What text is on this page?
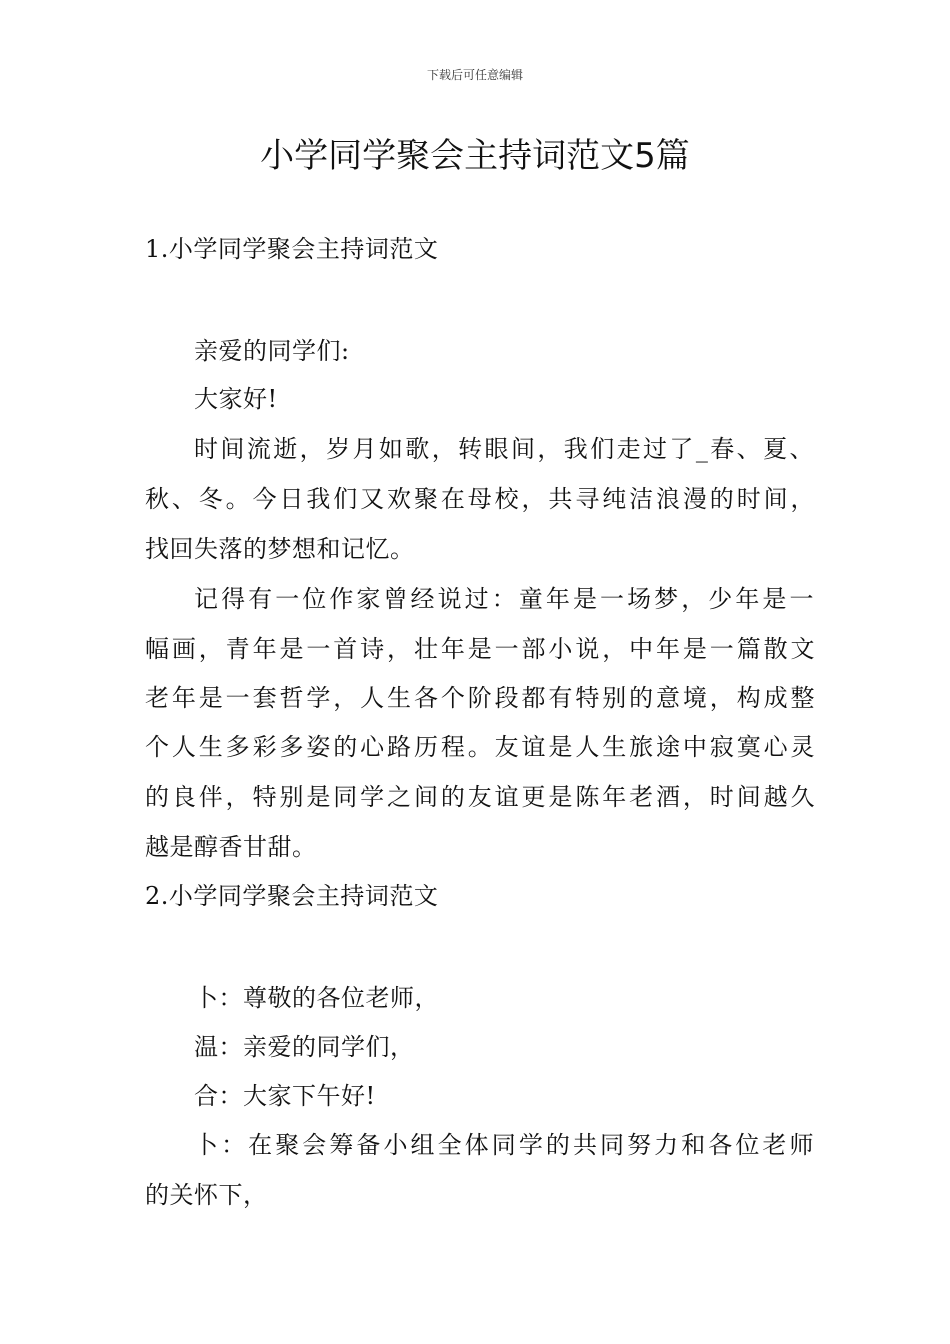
下载后可任意编辑
小学同学聚会主持词范文5篇
1.小学同学聚会主持词范文
亲爱的同学们:
大家好!
时间流逝，岁月如歌，转眼间，我们走过了_春、夏、
秋、冬。今日我们又欢聚在母校，共寻纯洁浪漫的时间，
找回失落的梦想和记忆。
记得有一位作家曾经说过：童年是一场梦，少年是一
幅画，青年是一首诗，壮年是一部小说，中年是一篇散文
老年是一套哲学，人生各个阶段都有特别的意境，构成整
个人生多彩多姿的心路历程。友谊是人生旅途中寂寞心灵
的良伴，特别是同学之间的友谊更是陈年老酒，时间越久
越是醇香甘甜。
2.小学同学聚会主持词范文
卜：尊敬的各位老师，
温：亲爱的同学们，
合：大家下午好!
卜：在聚会筹备小组全体同学的共同努力和各位老师
的关怀下，
